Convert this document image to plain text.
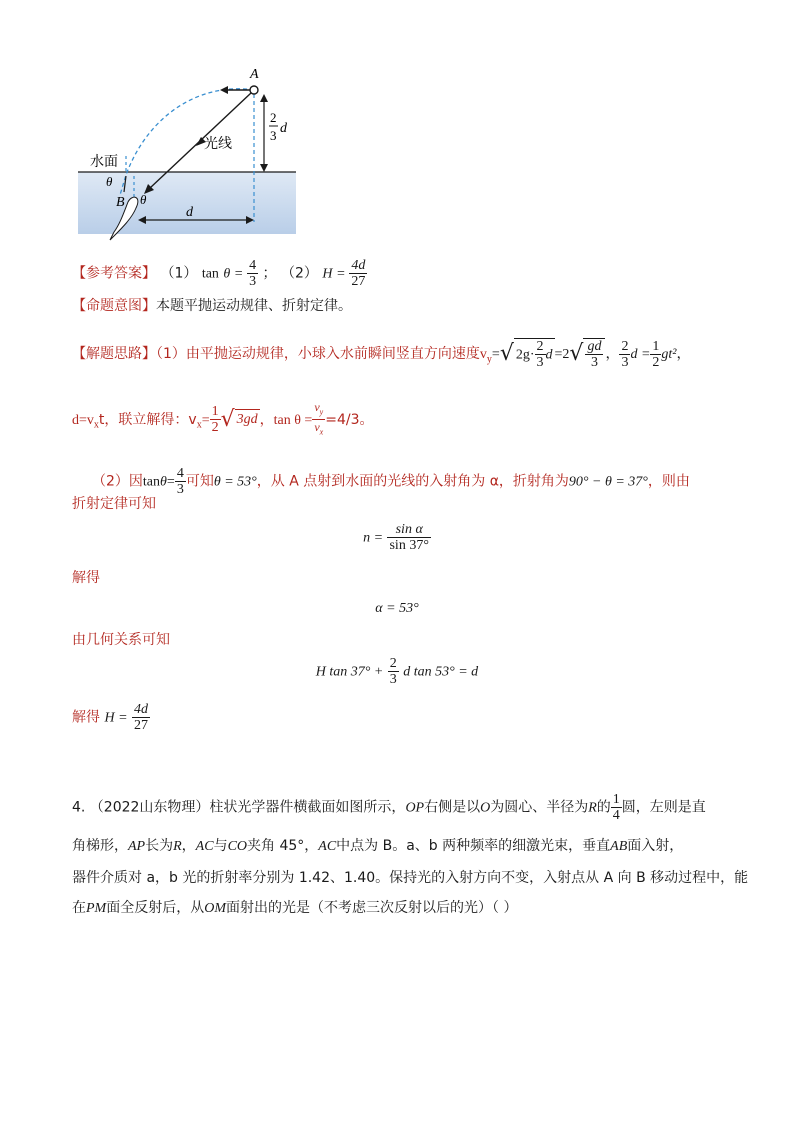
A
B
θ
θ
d
2
3 d
光线
水面
【参考答案】 （1） $\tan \theta = \frac{4}{3}$ ； （2） $H = \frac{4d}{27}$
【命题意图】本题平抛运动规律、折射定律。
【解题思路】（1）由平抛运动规律，小球入水前瞬间竖直方向速度$v_y=√$ $2g\cdot \frac{2}{3}$ $d =2√ \frac{gd}{3}$ ， $\frac{2}{3}$ $d = \frac{1}{2} gt^2$，
$d=v_xt$，联立解得：$v_x= \frac{1}{2}$ √ 3gd ，$\tan \theta = \frac{v_y}{v_x} =4/3$。
（2）因$\tan\theta= \frac{4}{3}$ 可知θ = 53°，从 A 点射到水面的光线的入射角为 α，折射角为90° − θ = 37°，则由
折射定律可知
$n = \frac{\text{sin α}}{\sin 37^\circ}$
解得
α = 53°
由几何关系可知
H $\tan 37^\circ + \frac{2}{3}$ d tan 53° = d
解得 $H = \frac{4d}{27}$
4. （2022山东物理）柱状光学器件横截面如图所示，OP右侧是以O为圆心、半径为R的 $\frac{1}{4}$ 圆，左则是直
角梯形，AP长为R，AC与CO夹角 45°，AC中点为 B。a、b 两种频率的细激光束，垂直AB面入射，
器件介质对 a，b 光的折射率分别为 1.42、1.40。保持光的入射方向不变，入射点从 A 向 B 移动过程中，能
在PM面全反射后，从OM面射出的光是（不考虑三次反射以后的光）（ ）
